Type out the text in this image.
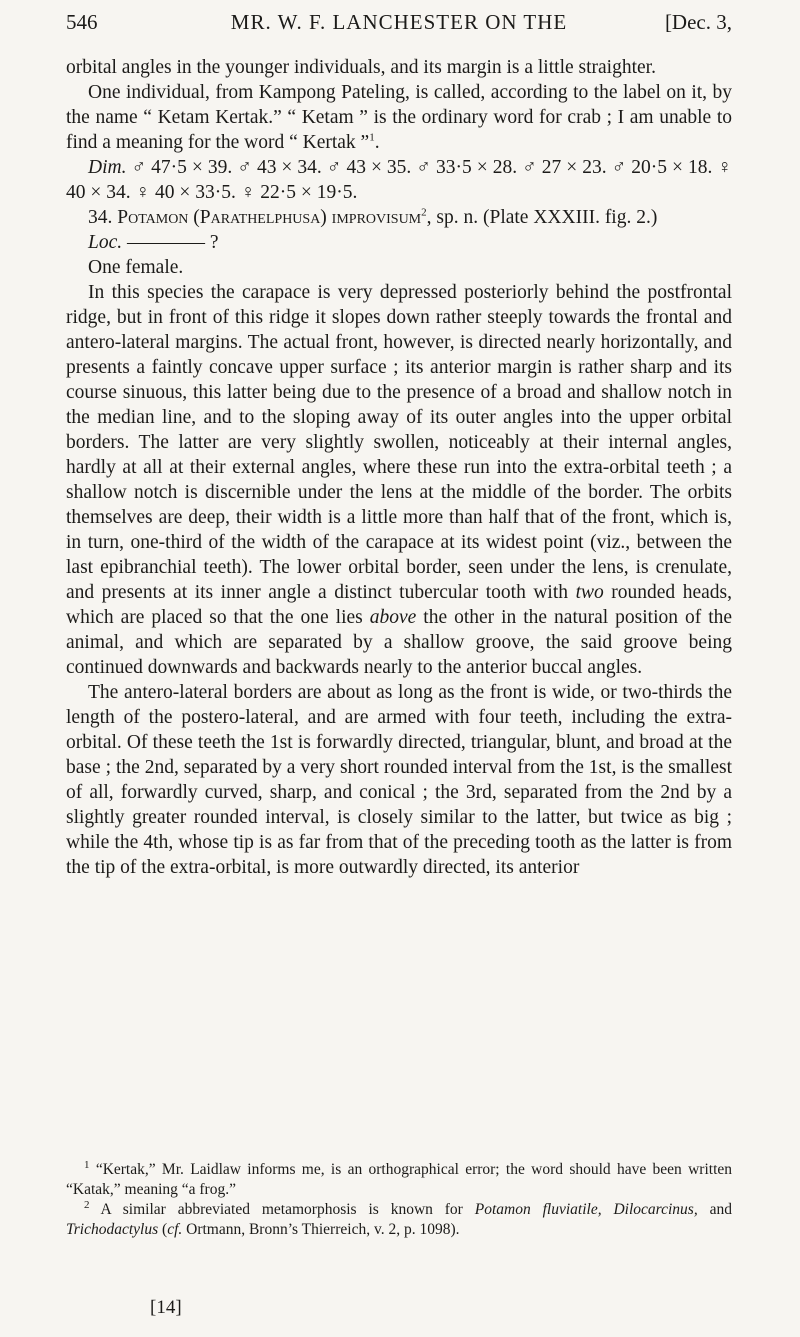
546	MR. W. F. LANCHESTER ON THE	[Dec. 3,

orbital angles in the younger individuals, and its margin is a little straighter.

One individual, from Kampong Pateling, is called, according to the label on it, by the name “ Ketam Kertak.” “ Ketam ” is the ordinary word for crab ; I am unable to find a meaning for the word “ Kertak ”$^1$.

Dim. ♂ 47·5 × 39. ♂ 43 × 34. ♂ 43 × 35. ♂ 33·5 × 28. ♂ 27 × 23. ♂ 20·5 × 18. ♀ 40 × 34. ♀ 40 × 33·5. ♀ 22·5 × 19·5.

34. Potamon (Parathelphusa) improvisum$^2$, sp. n. (Plate XXXIII. fig. 2.)

Loc. ———— ?

One female.

In this species the carapace is very depressed posteriorly behind the postfrontal ridge, but in front of this ridge it slopes down rather steeply towards the frontal and antero-lateral margins. The actual front, however, is directed nearly horizontally, and presents a faintly concave upper surface ; its anterior margin is rather sharp and its course sinuous, this latter being due to the presence of a broad and shallow notch in the median line, and to the sloping away of its outer angles into the upper orbital borders. The latter are very slightly swollen, noticeably at their internal angles, hardly at all at their external angles, where these run into the extra-orbital teeth ; a shallow notch is discernible under the lens at the middle of the border. The orbits themselves are deep, their width is a little more than half that of the front, which is, in turn, one-third of the width of the carapace at its widest point (viz., between the last epibranchial teeth). The lower orbital border, seen under the lens, is crenulate, and presents at its inner angle a distinct tubercular tooth with two rounded heads, which are placed so that the one lies above the other in the natural position of the animal, and which are separated by a shallow groove, the said groove being continued downwards and backwards nearly to the anterior buccal angles.

The antero-lateral borders are about as long as the front is wide, or two-thirds the length of the postero-lateral, and are armed with four teeth, including the extra-orbital. Of these teeth the 1st is forwardly directed, triangular, blunt, and broad at the base ; the 2nd, separated by a very short rounded interval from the 1st, is the smallest of all, forwardly curved, sharp, and conical ; the 3rd, separated from the 2nd by a slightly greater rounded interval, is closely similar to the latter, but twice as big ; while the 4th, whose tip is as far from that of the preceding tooth as the latter is from the tip of the extra-orbital, is more outwardly directed, its anterior

$^1$ “Kertak,” Mr. Laidlaw informs me, is an orthographical error; the word should have been written “Katak,” meaning “a frog.”

$^2$ A similar abbreviated metamorphosis is known for Potamon fluviatile, Dilocarcinus, and Trichodactylus (cf. Ortmann, Bronn’s Thierreich, v. 2, p. 1098).

[14]
